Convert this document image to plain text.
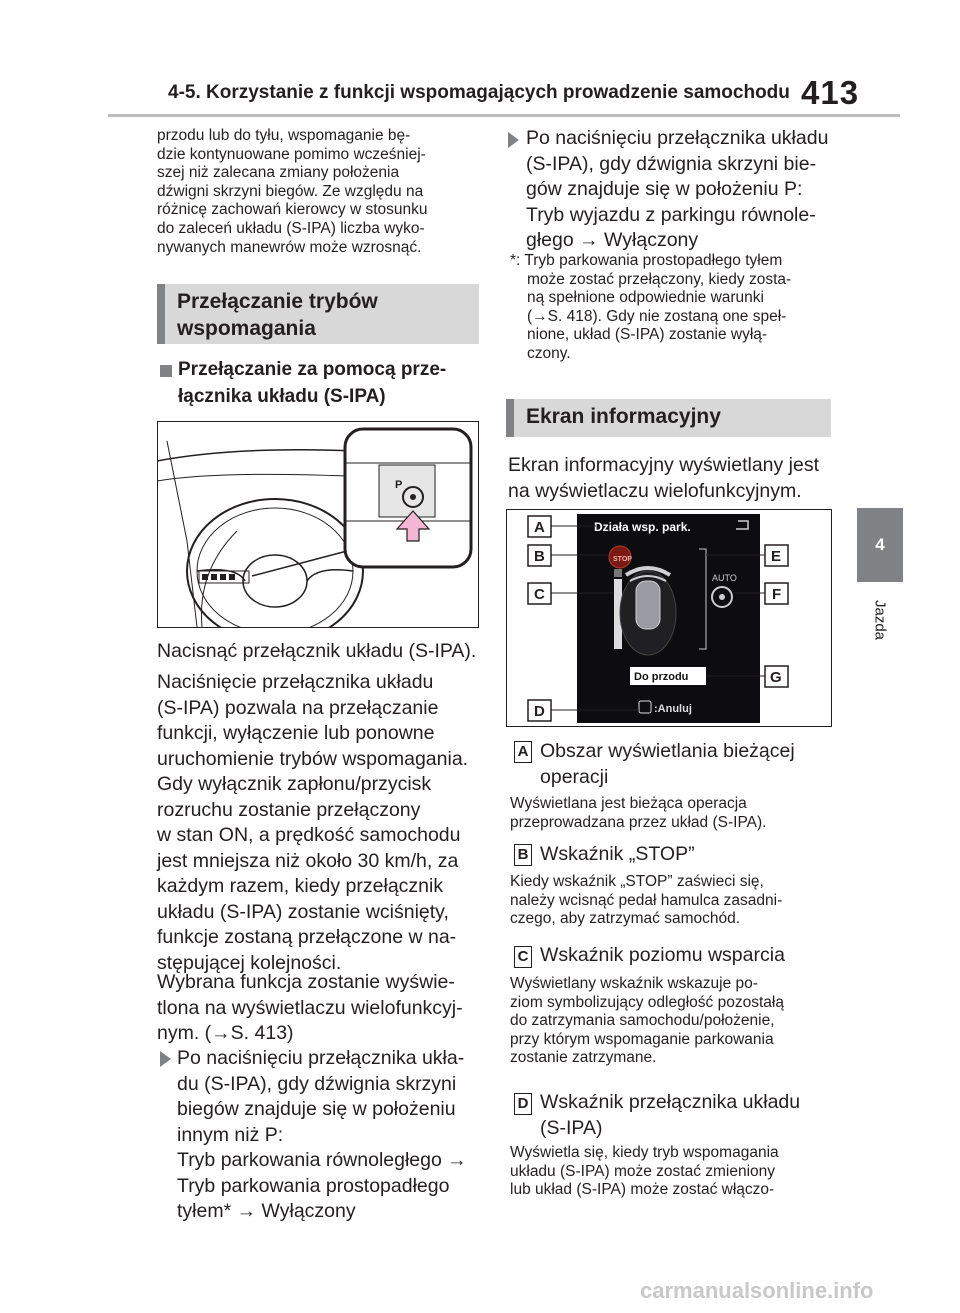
4-5. Korzystanie z funkcji wspomagających prowadzenie samochodu 413
4
Jazda
przodu lub do tyłu, wspomaganie bę-
dzie kontynuowane pomimo wcześniej-
szej niż zalecana zmiany położenia
dźwigni skrzyni biegów. Ze względu na
różnicę zachowań kierowcy w stosunku
do zaleceń układu (S-IPA) liczba wyko-
nywanych manewrów może wzrosnąć.
Przełączanie trybów
wspomagania
Przełączanie za pomocą prze-
łącznika układu (S-IPA)
P
Nacisnąć przełącznik układu (S-IPA).
Naciśnięcie przełącznika układu
(S-IPA) pozwala na przełączanie
funkcji, wyłączenie lub ponowne
uruchomienie trybów wspomagania.
Gdy wyłącznik zapłonu/przycisk
rozruchu zostanie przełączony
w stan ON, a prędkość samochodu
jest mniejsza niż około 30 km/h, za
każdym razem, kiedy przełącznik
układu (S-IPA) zostanie wciśnięty,
funkcje zostaną przełączone w na-
stępującej kolejności.
Wybrana funkcja zostanie wyświe-
tlona na wyświetlaczu wielofunkcyj-
nym. (→S. 413)
Po naciśnięciu przełącznika ukła-
du (S-IPA), gdy dźwignia skrzyni
biegów znajduje się w położeniu
innym niż P:
Tryb parkowania równoległego →
Tryb parkowania prostopadłego
tyłem* → Wyłączony
Po naciśnięciu przełącznika układu
(S-IPA), gdy dźwignia skrzyni bie-
gów znajduje się w położeniu P:
Tryb wyjazdu z parkingu równole-
głego → Wyłączony
*: Tryb parkowania prostopadłego tyłem
może zostać przełączony, kiedy zosta-
ną spełnione odpowiednie warunki
(→S. 418). Gdy nie zostaną one speł-
nione, układ (S-IPA) zostanie wyłą-
czony.
Ekran informacyjny
Ekran informacyjny wyświetlany jest
na wyświetlaczu wielofunkcyjnym.
Działa wsp. park.
STOP
AUTO
Do przodu
:Anuluj
A
B
C
D
E
F
G
A Obszar wyświetlania bieżącej
operacji
Wyświetlana jest bieżąca operacja
przeprowadzana przez układ (S-IPA).
B Wskaźnik „STOP”
Kiedy wskaźnik „STOP” zaświeci się,
należy wcisnąć pedał hamulca zasadni-
czego, aby zatrzymać samochód.
C Wskaźnik poziomu wsparcia
Wyświetlany wskaźnik wskazuje po-
ziom symbolizujący odległość pozostałą
do zatrzymania samochodu/położenie,
przy którym wspomaganie parkowania
zostanie zatrzymane.
D Wskaźnik przełącznika układu
(S-IPA)
Wyświetla się, kiedy tryb wspomagania
układu (S-IPA) może zostać zmieniony
lub układ (S-IPA) może zostać włączo-
carmanualsonline.info
